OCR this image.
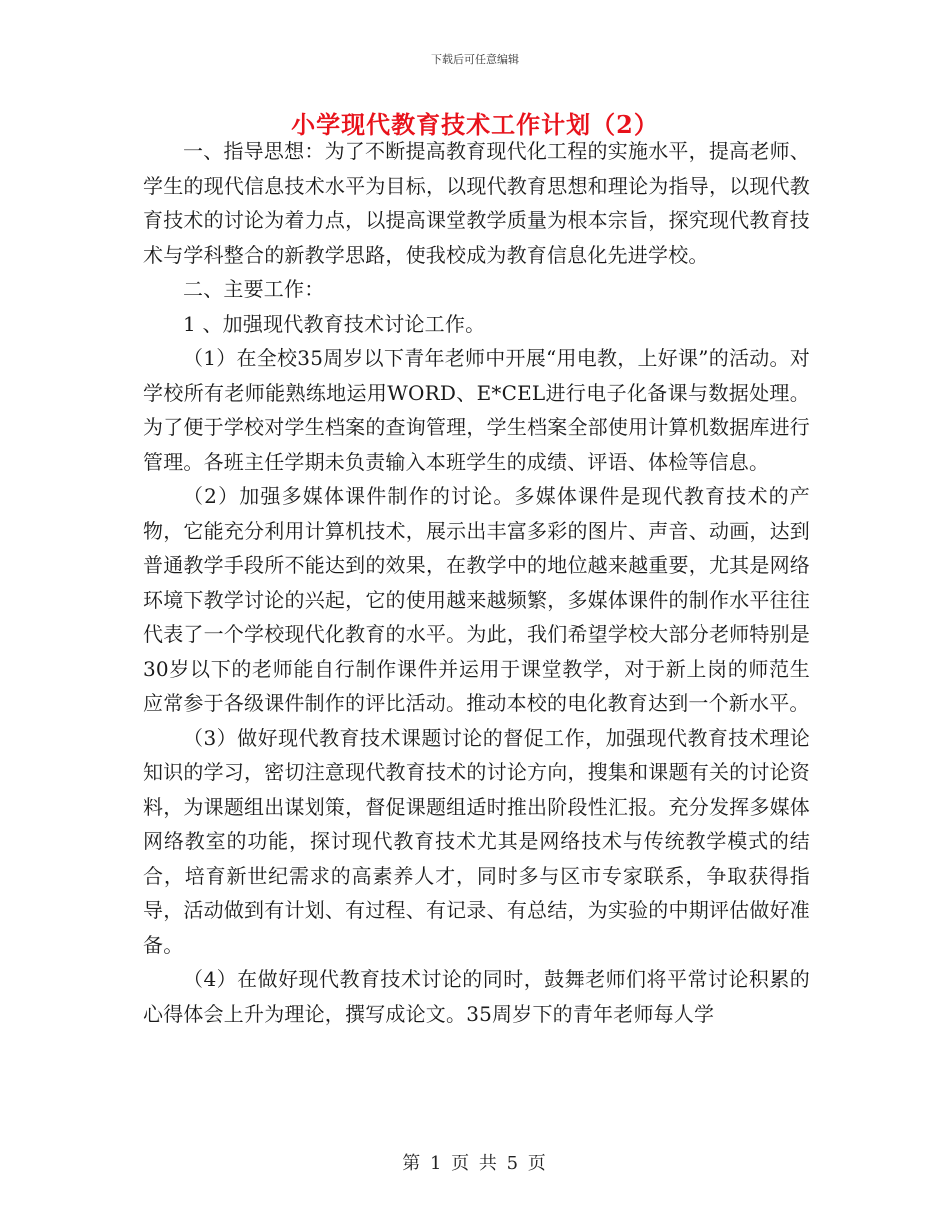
下载后可任意编辑
小学现代教育技术工作计划（2）

一、指导思想：为了不断提高教育现代化工程的实施水平，提高老师、学生的现代信息技术水平为目标，以现代教育思想和理论为指导，以现代教育技术的讨论为着力点，以提高课堂教学质量为根本宗旨，探究现代教育技术与学科整合的新教学思路，使我校成为教育信息化先进学校。

二、主要工作：

1 、加强现代教育技术讨论工作。

（1）在全校35周岁以下青年老师中开展“用电教，上好课”的活动。对学校所有老师能熟练地运用WORD、E*CEL进行电子化备课与数据处理。为了便于学校对学生档案的查询管理，学生档案全部使用计算机数据库进行管理。各班主任学期未负责输入本班学生的成绩、评语、体检等信息。

（2）加强多媒体课件制作的讨论。多媒体课件是现代教育技术的产物，它能充分利用计算机技术，展示出丰富多彩的图片、声音、动画，达到普通教学手段所不能达到的效果，在教学中的地位越来越重要，尤其是网络环境下教学讨论的兴起，它的使用越来越频繁，多媒体课件的制作水平往往代表了一个学校现代化教育的水平。为此，我们希望学校大部分老师特别是30岁以下的老师能自行制作课件并运用于课堂教学，对于新上岗的师范生应常参于各级课件制作的评比活动。推动本校的电化教育达到一个新水平。

（3）做好现代教育技术课题讨论的督促工作，加强现代教育技术理论知识的学习，密切注意现代教育技术的讨论方向，搜集和课题有关的讨论资料，为课题组出谋划策，督促课题组适时推出阶段性汇报。充分发挥多媒体网络教室的功能，探讨现代教育技术尤其是网络技术与传统教学模式的结合，培育新世纪需求的高素养人才，同时多与区市专家联系，争取获得指导，活动做到有计划、有过程、有记录、有总结，为实验的中期评估做好准备。

（4）在做好现代教育技术讨论的同时，鼓舞老师们将平常讨论积累的心得体会上升为理论，撰写成论文。35周岁下的青年老师每人学

第 1 页 共 5 页
